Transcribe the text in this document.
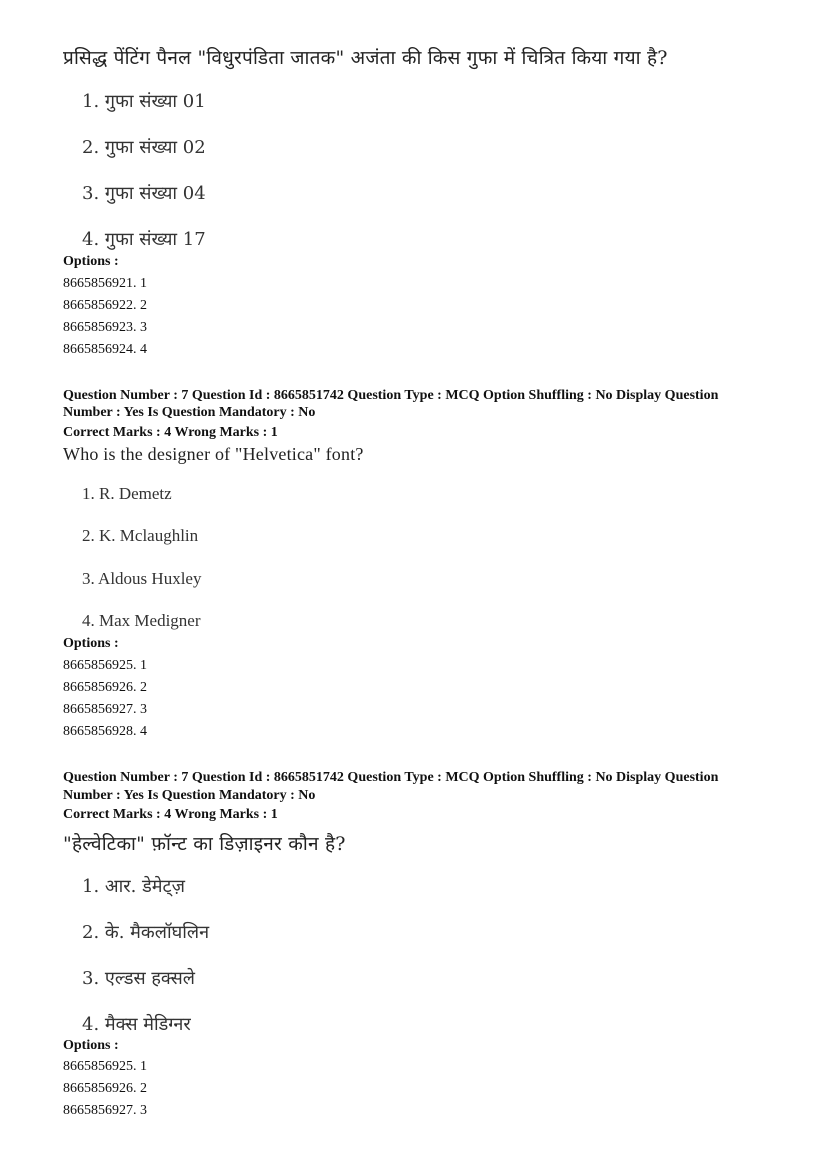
प्रसिद्ध पेंटिंग पैनल "विधुरपंडिता जातक" अजंता की किस गुफा में चित्रित किया गया है?
1. गुफा संख्या 01
2. गुफा संख्या 02
3. गुफा संख्या 04
4. गुफा संख्या 17
Options :
8665856921. 1
8665856922. 2
8665856923. 3
8665856924. 4
Question Number : 7 Question Id : 8665851742 Question Type : MCQ Option Shuffling : No Display Question
Number : Yes Is Question Mandatory : No
Correct Marks : 4 Wrong Marks : 1
Who is the designer of "Helvetica" font?
1. R. Demetz
2. K. Mclaughlin
3. Aldous Huxley
4. Max Medigner
Options :
8665856925. 1
8665856926. 2
8665856927. 3
8665856928. 4
Question Number : 7 Question Id : 8665851742 Question Type : MCQ Option Shuffling : No Display Question
Number : Yes Is Question Mandatory : No
Correct Marks : 4 Wrong Marks : 1
"हेल्वेटिका" फ़ॉन्ट का डिज़ाइनर कौन है?
1. आर. डेमेट्ज़
2. के. मैकलॉघलिन
3. एल्डस हक्सले
4. मैक्स मेडिग्नर
Options :
8665856925. 1
8665856926. 2
8665856927. 3
